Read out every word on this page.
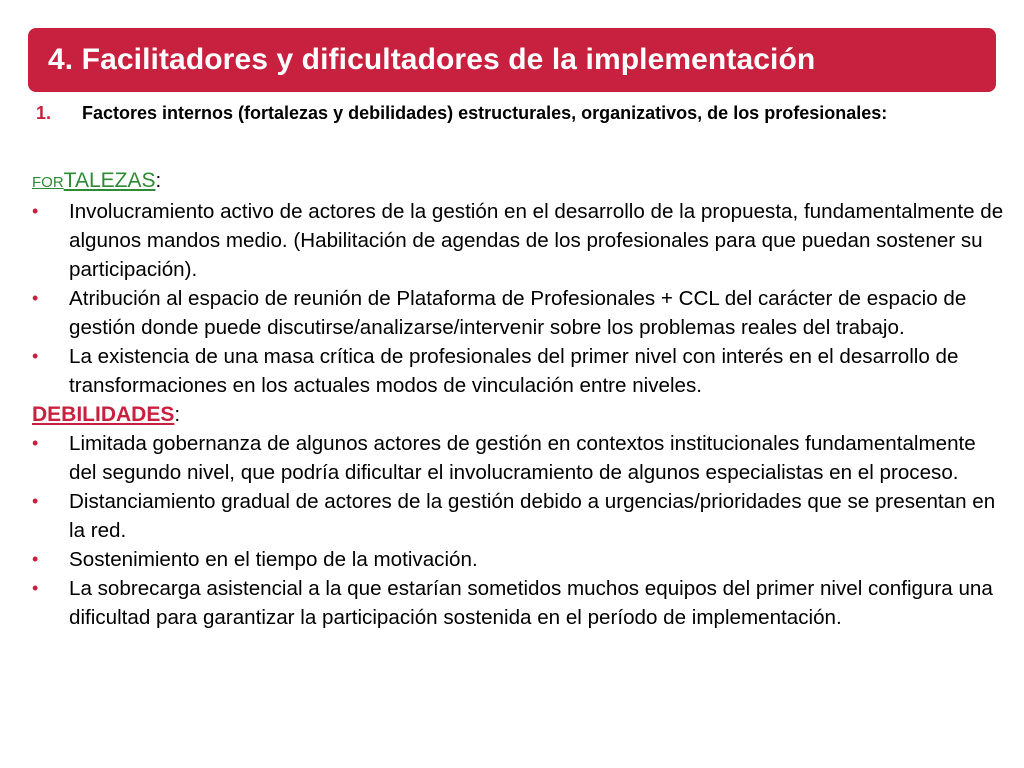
4. Facilitadores y dificultadores de la implementación
1.	Factores internos (fortalezas y debilidades) estructurales, organizativos, de los profesionales:
FORTALEZAS:
•	Involucramiento activo de actores de la gestión en el desarrollo de la propuesta, fundamentalmente de algunos mandos medio. (Habilitación de agendas de los profesionales para que puedan sostener su participación).
•	Atribución al espacio de reunión de Plataforma de Profesionales + CCL del carácter de espacio de gestión donde puede discutirse/analizarse/intervenir sobre los problemas reales del trabajo.
•	La existencia de una masa crítica de profesionales del primer nivel con interés en el desarrollo de transformaciones en los actuales modos de vinculación entre niveles.
DEBILIDADES:
•	Limitada gobernanza de algunos actores de gestión en contextos institucionales fundamentalmente del segundo nivel, que podría dificultar el involucramiento de algunos especialistas en el proceso.
•	Distanciamiento gradual de actores de la gestión debido a urgencias/prioridades que se presentan en la red.
•	Sostenimiento en el tiempo de la motivación.
•	La sobrecarga asistencial a la que estarían sometidos muchos equipos del primer nivel configura una dificultad para garantizar la participación sostenida en el período de implementación.
